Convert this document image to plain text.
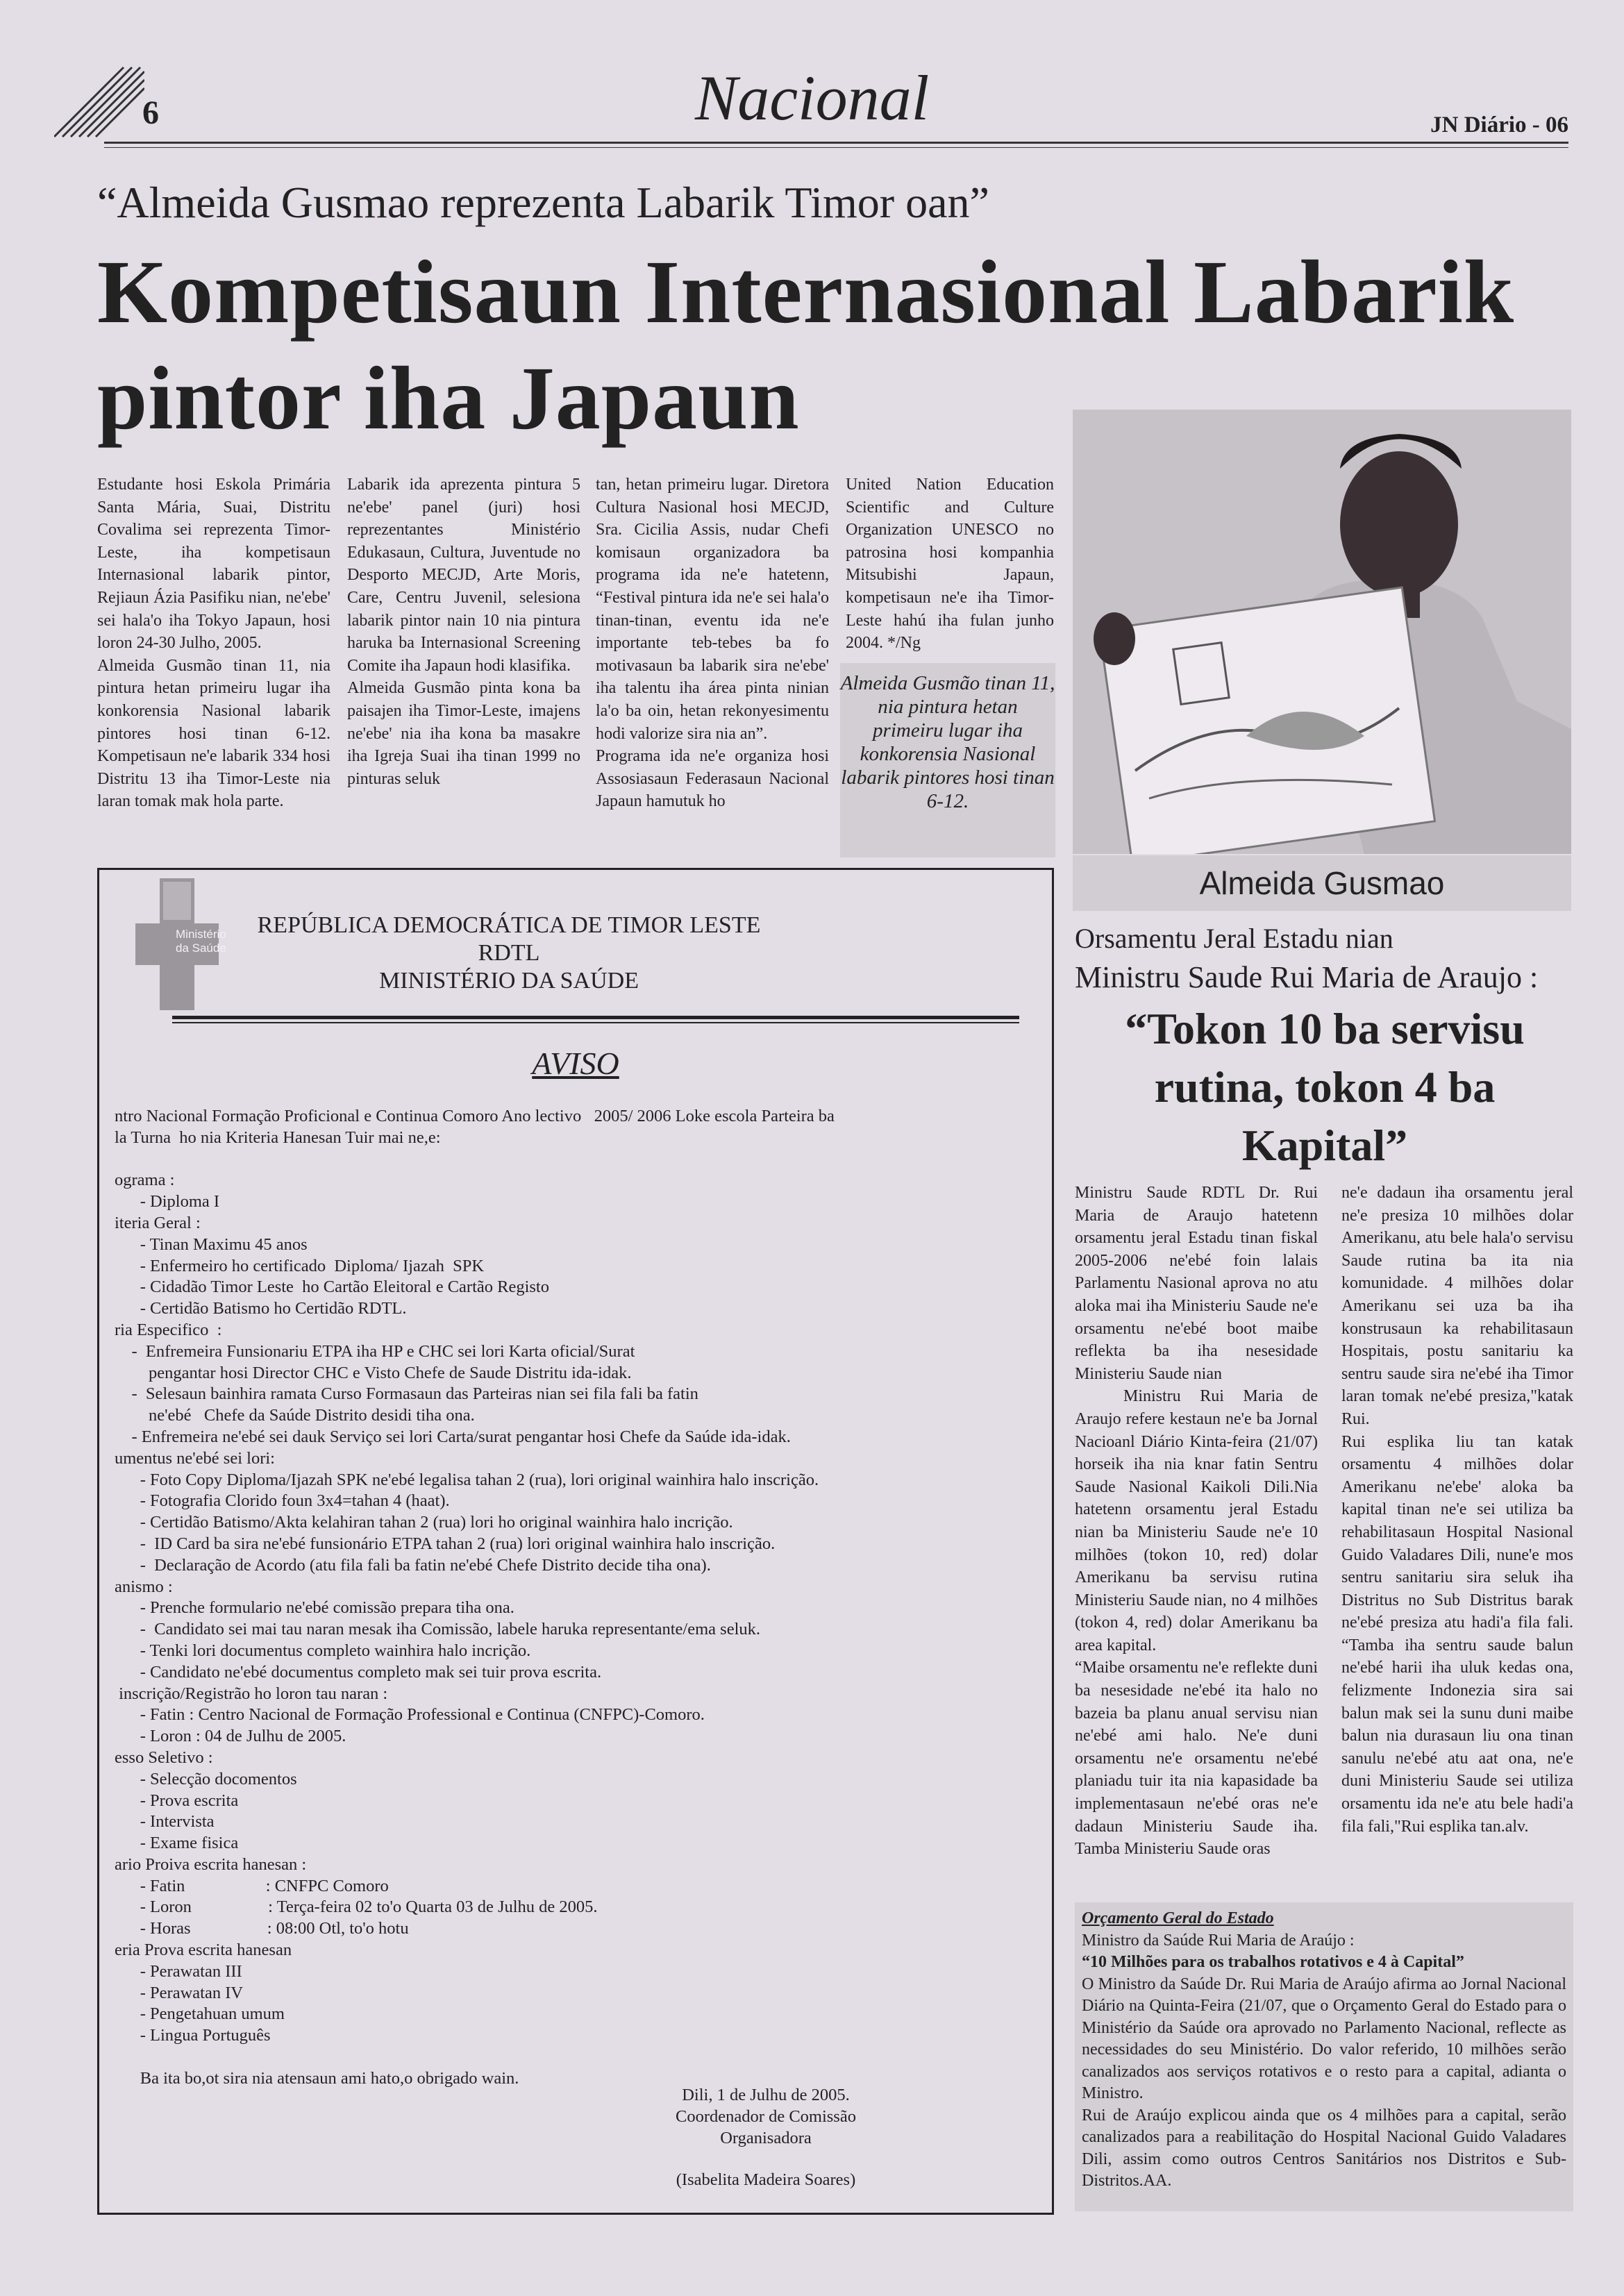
6	Nacional	JN Diário - 06
“Almeida Gusmao reprezenta Labarik Timor oan”
Kompetisaun Internasional Labarik
pintor iha Japaun

Estudante hosi Eskola Primária Santa Mária, Suai, Distritu Covalima sei reprezenta Timor-Leste, iha kompetisaun Internasional labarik pintor, Rejiaun Ázia Pasifiku nian, ne'ebe' sei hala'o iha Tokyo Japaun, hosi loron 24-30 Julho, 2005.

Almeida Gusmão tinan 11, nia pintura hetan primeiru lugar iha konkorensia Nasional labarik pintores hosi tinan 6-12. Kompetisaun ne'e labarik 334 hosi Distritu 13 iha Timor-Leste nia laran tomak mak hola parte.

Labarik ida aprezenta pintura 5 ne'ebe' panel (juri) hosi reprezentantes Ministério Edukasaun, Cultura, Juventude no Desporto MECJD, Arte Moris, Care, Centru Juvenil, selesiona labarik pintor nain 10 nia pintura haruka ba Internasional Screening Comite iha Japaun hodi klasifika.

Almeida Gusmão pinta kona ba paisajen iha Timor-Leste, imajens ne'ebe' nia iha kona ba masakre iha Igreja Suai iha tinan 1999 no pinturas seluk

tan, hetan primeiru lugar. Diretora Cultura Nasional hosi MECJD, Sra. Cicilia Assis, nudar Chefi komisaun organizadora ba programa ida ne'e hatetenn, “Festival pintura ida ne'e sei hala'o tinan-tinan, eventu ida ne'e importante teb-tebes ba fo motivasaun ba labarik sira ne'ebe' iha talentu iha área pinta ninian la'o ba oin, hetan rekonyesimentu hodi valorize sira nia an”.

Programa ida ne'e organiza hosi Assosiasaun Federasaun Nacional Japaun hamutuk ho

United Nation Education Scientific and Culture Organization UNESCO no patrosina hosi kompanhia Mitsubishi Japaun, kompetisaun ne'e iha Timor-Leste hahú iha fulan junho 2004. */Ng

Almeida Gusmão tinan 11, nia pintura hetan primeiru lugar iha konkorensia Nasional labarik pintores hosi tinan 6-12.
Almeida Gusmao
Ministério
da Saúde
REPÚBLICA DEMOCRÁTICA DE TIMOR LESTE
RDTL
MINISTÉRIO DA SAÚDE
AVISO
ntro Nacional Formação Proficional e Continua Comoro Ano lectivo   2005/ 2006 Loke escola Parteira ba
la Turna  ho nia Kriteria Hanesan Tuir mai ne,e:

ograma :
- Diploma I
iteria Geral :
- Tinan Maximu 45 anos
- Enfermeiro ho certificado  Diploma/ Ijazah  SPK
- Cidadão Timor Leste  ho Cartão Eleitoral e Cartão Registo
- Certidão Batismo ho Certidão RDTL.
ria Especifico  :
-  Enfremeira Funsionariu ETPA iha HP e CHC sei lori Karta oficial/Surat
pengantar hosi Director CHC e Visto Chefe de Saude Distritu ida-idak.
-  Selesaun bainhira ramata Curso Formasaun das Parteiras nian sei fila fali ba fatin
ne'ebé   Chefe da Saúde Distrito desidi tiha ona.
- Enfremeira ne'ebé sei dauk Serviço sei lori Carta/surat pengantar hosi Chefe da Saúde ida-idak.
umentus ne'ebé sei lori:
- Foto Copy Diploma/Ijazah SPK ne'ebé legalisa tahan 2 (rua), lori original wainhira halo inscrição.
- Fotografia Clorido foun 3x4=tahan 4 (haat).
- Certidão Batismo/Akta kelahiran tahan 2 (rua) lori ho original wainhira halo incrição.
-  ID Card ba sira ne'ebé funsionário ETPA tahan 2 (rua) lori original wainhira halo inscrição.
-  Declaração de Acordo (atu fila fali ba fatin ne'ebé Chefe Distrito decide tiha ona).
anismo :
- Prenche formulario ne'ebé comissão prepara tiha ona.
-  Candidato sei mai tau naran mesak iha Comissão, labele haruka representante/ema seluk.
- Tenki lori documentus completo wainhira halo incrição.
- Candidato ne'ebé documentus completo mak sei tuir prova escrita.
inscrição/Registrão ho loron tau naran :
- Fatin : Centro Nacional de Formação Professional e Continua (CNFPC)-Comoro.
- Loron : 04 de Julhu de 2005.
esso Seletivo :
- Selecção docomentos
- Prova escrita
- Intervista
- Exame fisica
ario Proiva escrita hanesan :
- Fatin                   : CNFPC Comoro
- Loron                  : Terça-feira 02 to'o Quarta 03 de Julhu de 2005.
- Horas                  : 08:00 Otl, to'o hotu
eria Prova escrita hanesan
- Perawatan III
- Perawatan IV
- Pengetahuan umum
- Lingua Português

Ba ita bo,ot sira nia atensaun ami hato,o obrigado wain.
Dili, 1 de Julhu de 2005.
Coordenador de Comissão
Organisadora
(Isabelita Madeira Soares)
Orsamentu Jeral Estadu nian
Ministru Saude Rui Maria de Araujo :
“Tokon 10 ba servisu rutina, tokon 4 ba Kapital”

Ministru Saude RDTL Dr. Rui Maria de Araujo hatetenn orsamentu jeral Estadu tinan fiskal 2005-2006 ne'ebé foin lalais Parlamentu Nasional aprova no atu aloka mai iha Ministeriu Saude ne'e orsamentu ne'ebé boot maibe reflekta ba iha nesesidade Ministeriu Saude nian

Ministru Rui Maria de Araujo refere kestaun ne'e ba Jornal Nacioanl Diário Kinta-feira (21/07) horseik iha nia knar fatin Sentru Saude Nasional Kaikoli Dili.Nia hatetenn orsamentu jeral Estadu nian ba Ministeriu Saude ne'e 10 milhões (tokon 10, red) dolar Amerikanu ba servisu rutina Ministeriu Saude nian, no 4 milhões (tokon 4, red) dolar Amerikanu ba area kapital.

“Maibe orsamentu ne'e reflekte duni ba nesesidade ne'ebé ita halo no bazeia ba planu anual servisu nian ne'ebé ami halo. Ne'e duni orsamentu ne'e orsamentu ne'ebé planiadu tuir ita nia kapasidade ba implementasaun ne'ebé oras ne'e dadaun Ministeriu Saude iha. Tamba Ministeriu Saude oras

ne'e dadaun iha orsamentu jeral ne'e presiza 10 milhões dolar Amerikanu, atu bele hala'o servisu Saude rutina ba ita nia komunidade. 4 milhões dolar Amerikanu sei uza ba iha konstrusaun ka rehabilitasaun Hospitais, postu sanitariu ka sentru saude sira ne'ebé iha Timor laran tomak ne'ebé presiza,"katak Rui.

Rui esplika liu tan katak orsamentu 4 milhões dolar Amerikanu ne'ebe' aloka ba kapital tinan ne'e sei utiliza ba rehabilitasaun Hospital Nasional Guido Valadares Dili, nune'e mos sentru sanitariu sira seluk iha Distritus no Sub Distritus barak ne'ebé presiza atu hadi'a fila fali. “Tamba iha sentru saude balun ne'ebé harii iha uluk kedas ona, felizmente Indonezia sira sai balun mak sei la sunu duni maibe balun nia durasaun liu ona tinan sanulu ne'ebé atu aat ona, ne'e duni Ministeriu Saude sei utiliza orsamentu ida ne'e atu bele hadi'a fila fali,"Rui esplika tan.alv.

Orçamento Geral do Estado
Ministro da Saúde Rui Maria de Araújo :
“10 Milhões para os trabalhos rotativos e 4 à Capital”

O Ministro da Saúde Dr. Rui Maria de Araújo afirma ao Jornal Nacional Diário na Quinta-Feira (21/07, que o Orçamento Geral do Estado para o Ministério da Saúde ora aprovado no Parlamento Nacional, reflecte as necessidades do seu Ministério. Do valor referido, 10 milhões serão canalizados aos serviços rotativos e o resto para a capital, adianta o Ministro.

Rui de Araújo explicou ainda que os 4 milhões para a capital, serão canalizados para a reabilitação do Hospital Nacional Guido Valadares Dili, assim como outros Centros Sanitários nos Distritos e Sub-Distritos.AA.
